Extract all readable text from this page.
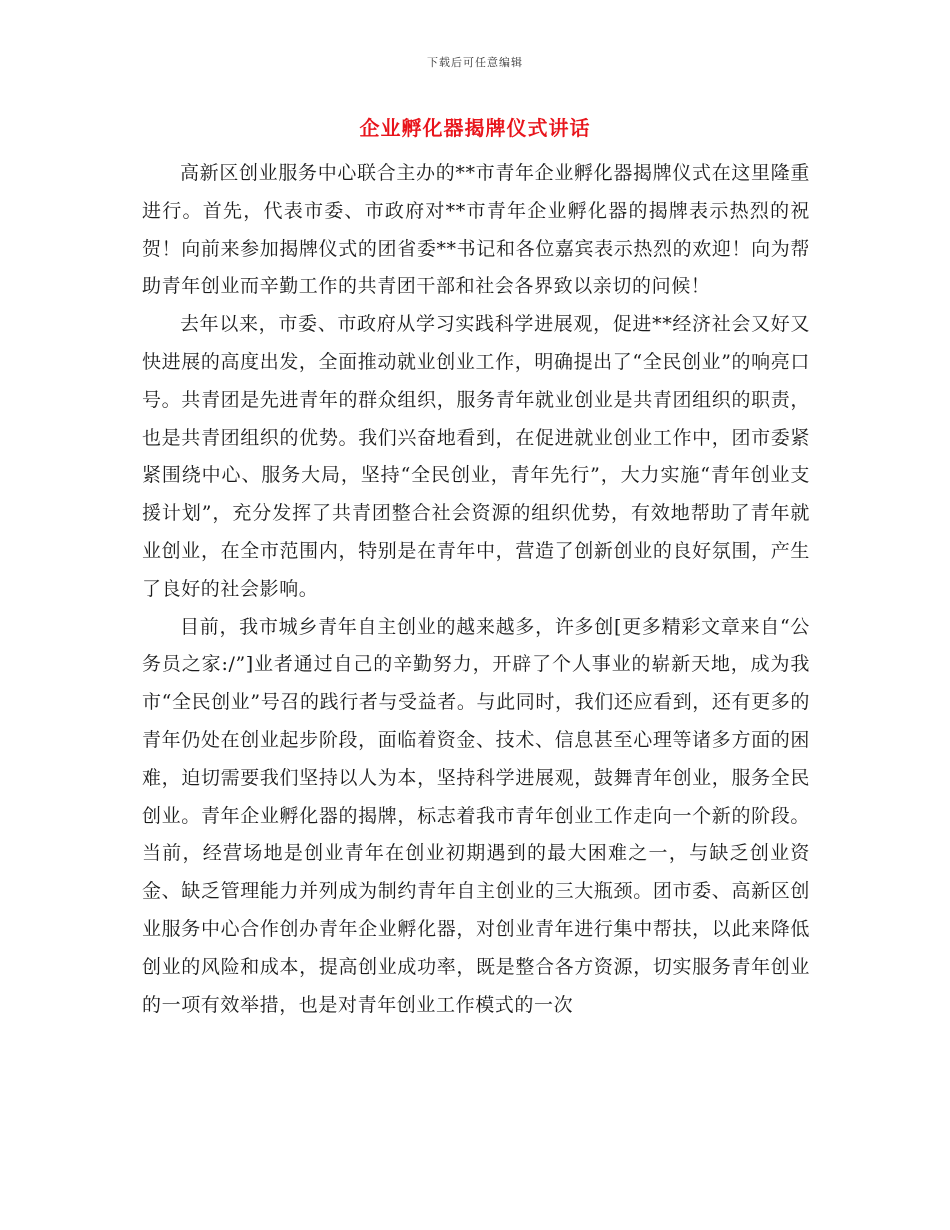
下载后可任意编辑
企业孵化器揭牌仪式讲话

高新区创业服务中心联合主办的**市青年企业孵化器揭牌仪式在这里隆重进行。首先，代表市委、市政府对**市青年企业孵化器的揭牌表示热烈的祝贺！向前来参加揭牌仪式的团省委**书记和各位嘉宾表示热烈的欢迎！向为帮助青年创业而辛勤工作的共青团干部和社会各界致以亲切的问候！

去年以来，市委、市政府从学习实践科学进展观，促进**经济社会又好又快进展的高度出发，全面推动就业创业工作，明确提出了“全民创业”的响亮口号。共青团是先进青年的群众组织，服务青年就业创业是共青团组织的职责，也是共青团组织的优势。我们兴奋地看到，在促进就业创业工作中，团市委紧紧围绕中心、服务大局，坚持“全民创业，青年先行”，大力实施“青年创业支援计划”，充分发挥了共青团整合社会资源的组织优势，有效地帮助了青年就业创业，在全市范围内，特别是在青年中，营造了创新创业的良好氛围，产生了良好的社会影响。

目前，我市城乡青年自主创业的越来越多，许多创[更多精彩文章来自“公务员之家:/”]业者通过自己的辛勤努力，开辟了个人事业的崭新天地，成为我市“全民创业”号召的践行者与受益者。与此同时，我们还应看到，还有更多的青年仍处在创业起步阶段，面临着资金、技术、信息甚至心理等诸多方面的困难，迫切需要我们坚持以人为本，坚持科学进展观，鼓舞青年创业，服务全民创业。青年企业孵化器的揭牌，标志着我市青年创业工作走向一个新的阶段。当前，经营场地是创业青年在创业初期遇到的最大困难之一，与缺乏创业资金、缺乏管理能力并列成为制约青年自主创业的三大瓶颈。团市委、高新区创业服务中心合作创办青年企业孵化器，对创业青年进行集中帮扶，以此来降低创业的风险和成本，提高创业成功率，既是整合各方资源，切实服务青年创业的一项有效举措，也是对青年创业工作模式的一次
